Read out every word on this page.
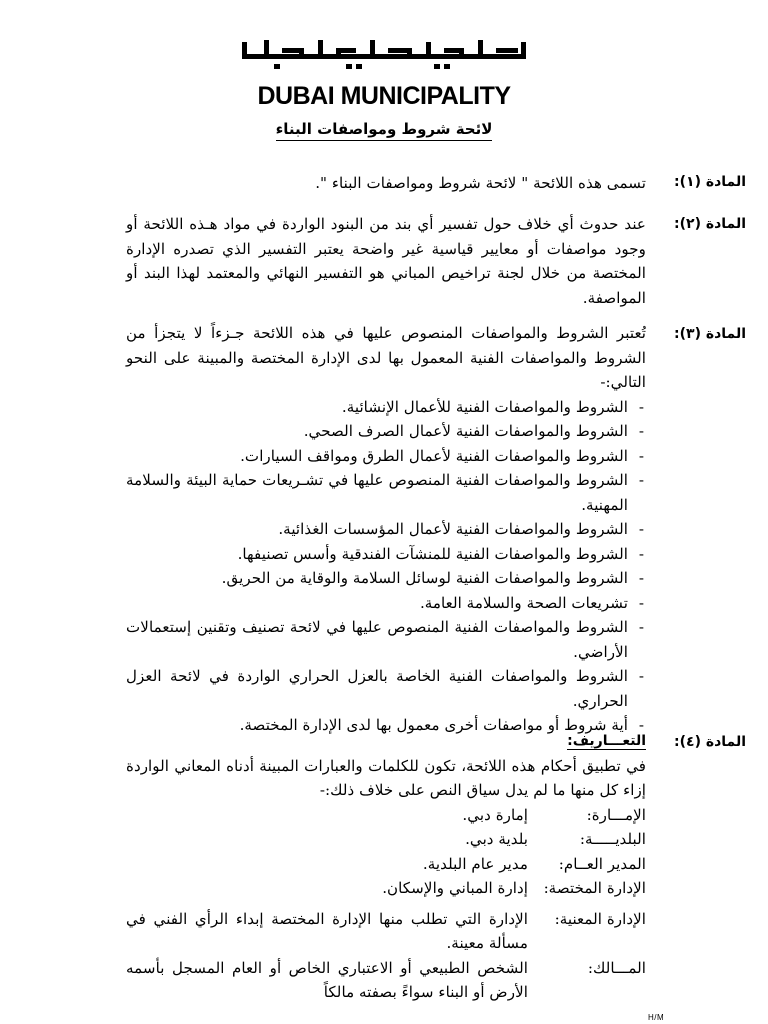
DUBAI MUNICIPALITY
لائحة شروط ومواصفات البناء
المادة (١):
تسمى هذه اللائحة " لائحة شروط ومواصفات البناء ".
المادة (٢):
عند حدوث أي خلاف حول تفسير أي بند من البنود الواردة في مواد هـذه اللائحة أو وجود مواصفات أو معايير قياسية غير واضحة يعتبر التفسير الذي تصدره الإدارة المختصة من خلال لجنة تراخيص المباني هو التفسير النهائي والمعتمد لهذا البند أو المواصفة.
المادة (٣):
تُعتبر الشروط والمواصفات المنصوص عليها في هذه اللائحة جـزءاً لا يتجزأ من الشروط والمواصفات الفنية المعمول بها لدى الإدارة المختصة والمبينة على النحو التالي:-
- الشروط والمواصفات الفنية للأعمال الإنشائية.
- الشروط والمواصفات الفنية لأعمال الصرف الصحي.
- الشروط والمواصفات الفنية لأعمال الطرق ومواقف السيارات.
- الشروط والمواصفات الفنية المنصوص عليها في تشـريعات حماية البيئة والسلامة المهنية.
- الشروط والمواصفات الفنية لأعمال المؤسسات الغذائية.
- الشروط والمواصفات الفنية للمنشآت الفندقية وأسس تصنيفها.
- الشروط والمواصفات الفنية لوسائل السلامة والوقاية من الحريق.
- تشريعات الصحة والسلامة العامة.
- الشروط والمواصفات الفنية المنصوص عليها في لائحة تصنيف وتقنين إستعمالات الأراضي.
- الشروط والمواصفات الفنية الخاصة بالعزل الحراري الواردة في لائحة العزل الحراري.
- أية شروط أو مواصفات أخرى معمول بها لدى الإدارة المختصة.
المادة (٤):
التعـــاريف:
في تطبيق أحكام هذه اللائحة، تكون للكلمات والعبارات المبينة أدناه المعاني الواردة إزاء كل منها ما لم يدل سياق النص على خلاف ذلك:-
الإمـــارة:
إمارة دبي.
البلديـــــة:
بلدية دبي.
المدير العــام:
مدير عام البلدية.
الإدارة المختصة:
إدارة المباني والإسكان.
الإدارة المعنية:
الإدارة التي تطلب منها الإدارة المختصة إبداء الرأي الفني في مسألة معينة.
المـــالك:
الشخص الطبيعي أو الاعتباري الخاص أو العام المسجل بأسمه الأرض أو البناء سواءً بصفته مالكاً
H/M
